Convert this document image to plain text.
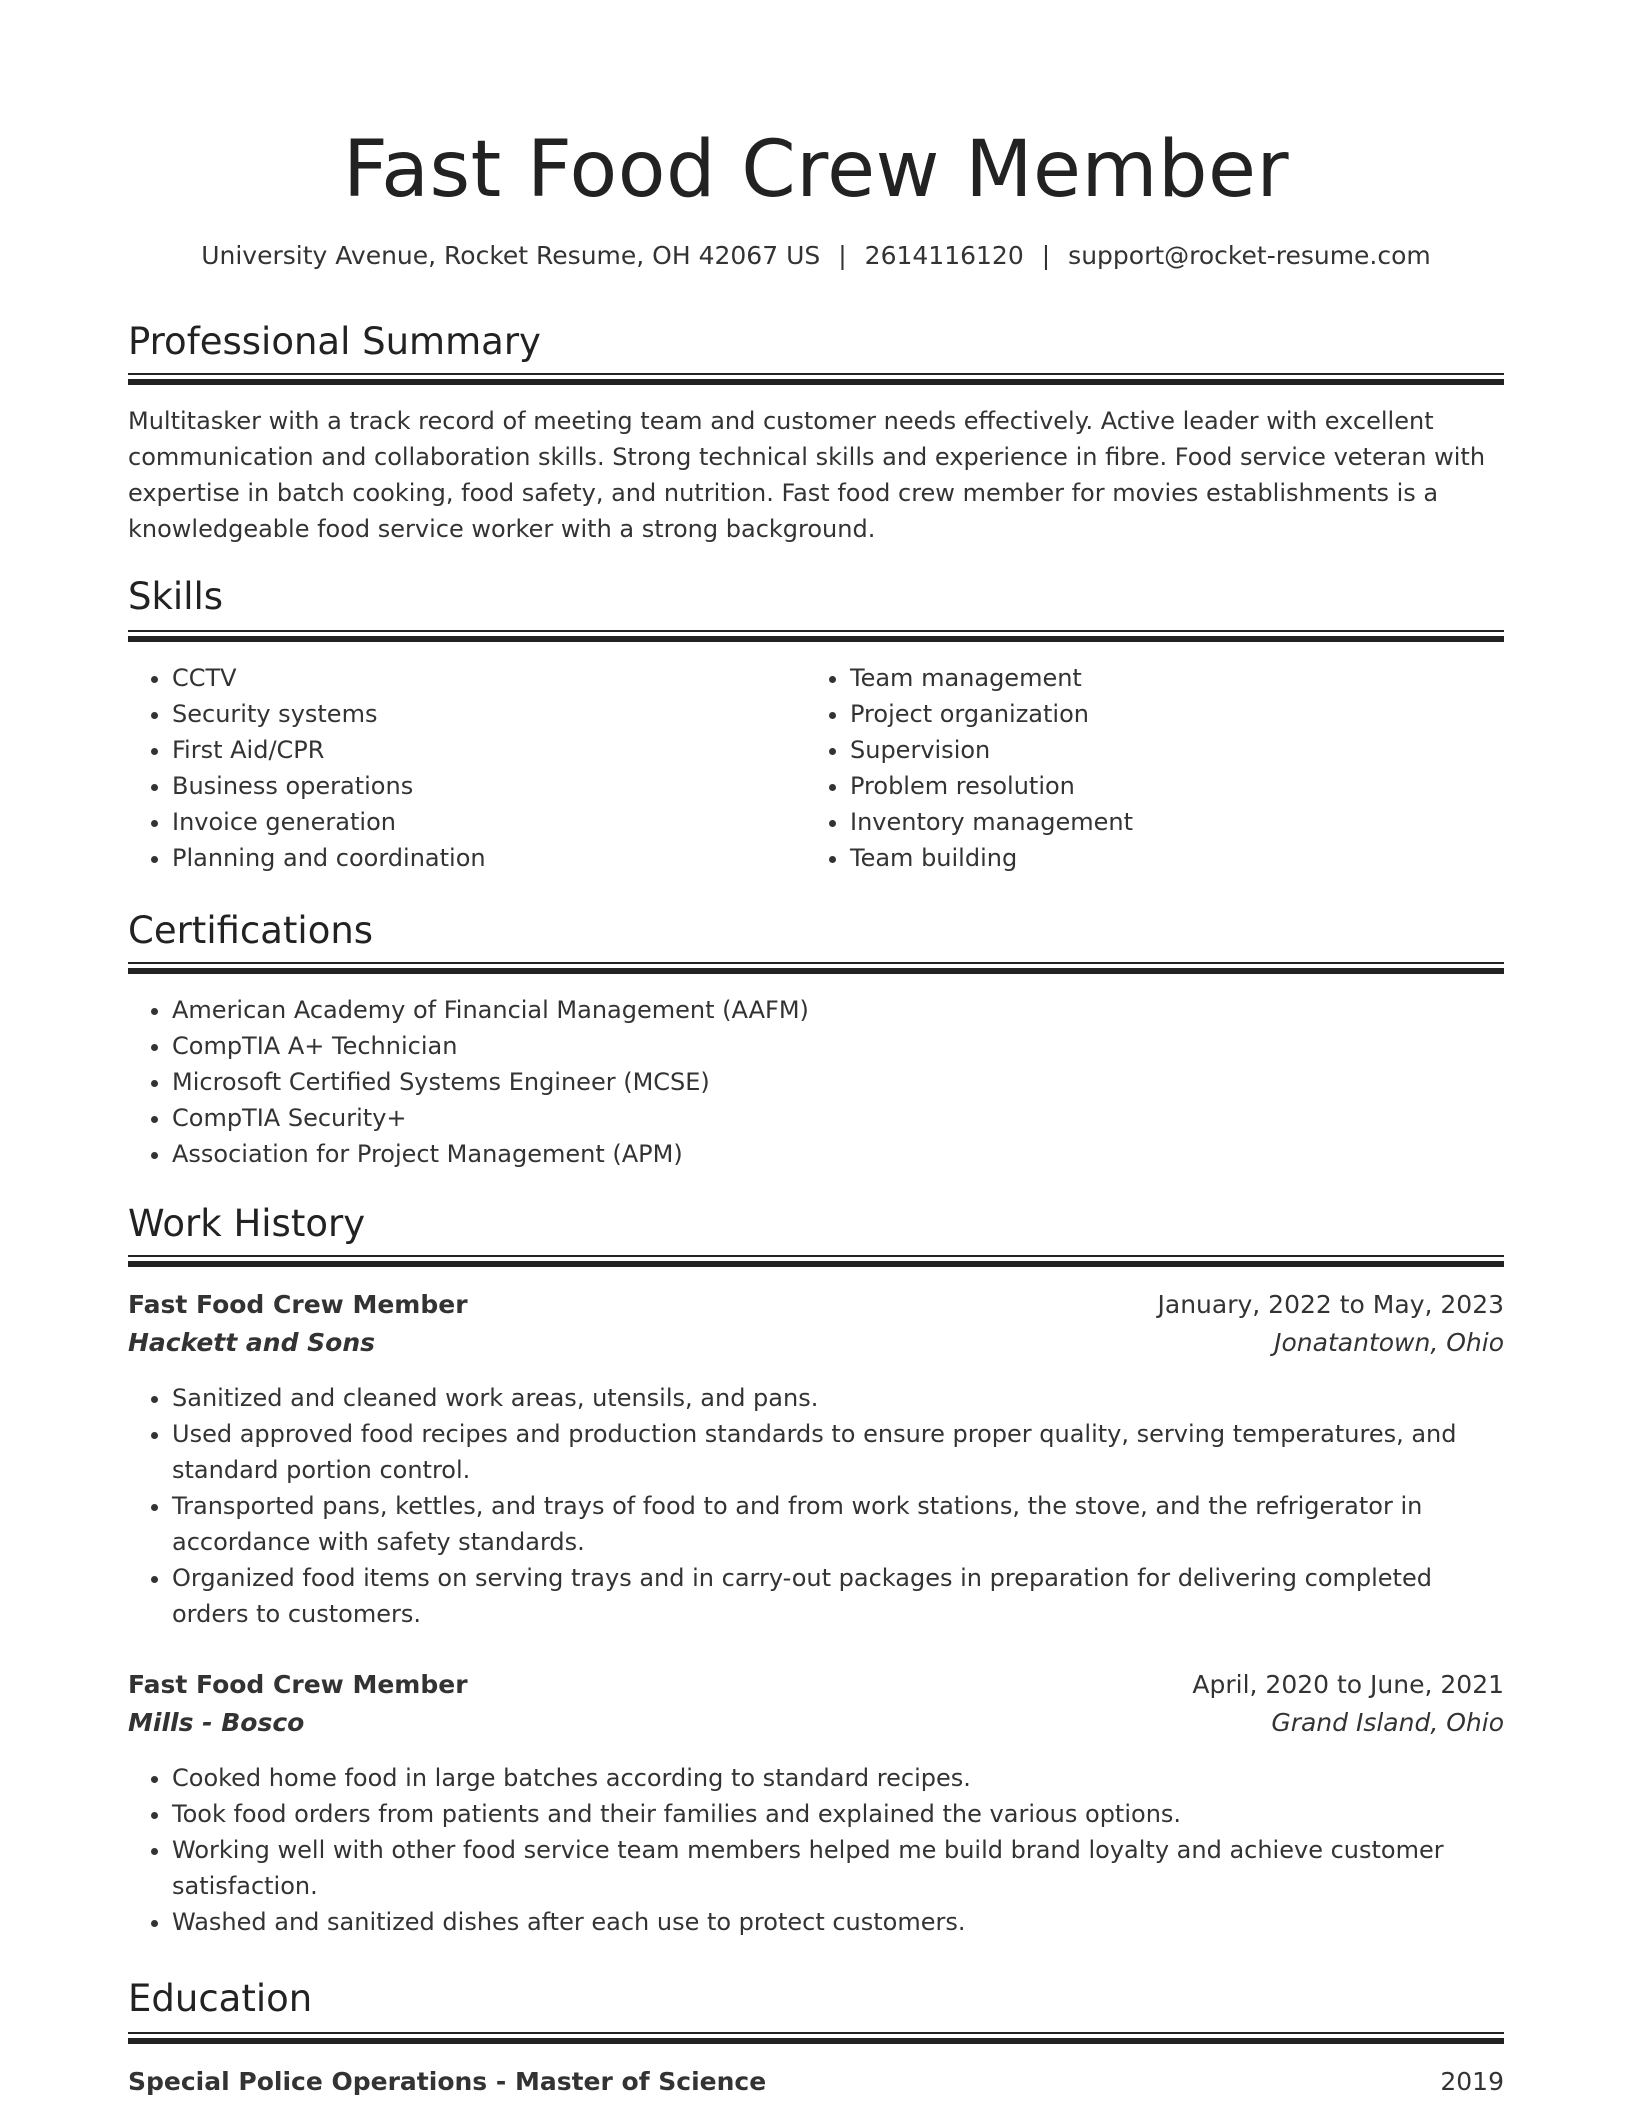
Fast Food Crew Member
University Avenue, Rocket Resume, OH 42067 US | 2614116120 | support@rocket-resume.com
Professional Summary

Multitasker with a track record of meeting team and customer needs effectively. Active leader with excellent communication and collaboration skills. Strong technical skills and experience in fibre. Food service veteran with expertise in batch cooking, food safety, and nutrition. Fast food crew member for movies establishments is a knowledgeable food service worker with a strong background.

Skills
• CCTV
• Security systems
• First Aid/CPR
• Business operations
• Invoice generation
• Planning and coordination
• Team management
• Project organization
• Supervision
• Problem resolution
• Inventory management
• Team building
Certifications
• American Academy of Financial Management (AAFM)
• CompTIA A+ Technician
• Microsoft Certified Systems Engineer (MCSE)
• CompTIA Security+
• Association for Project Management (APM)
Work History
Fast Food Crew Member	January, 2022 to May, 2023
Hackett and Sons	Jonatantown, Ohio
• Sanitized and cleaned work areas, utensils, and pans.
• Used approved food recipes and production standards to ensure proper quality, serving temperatures, and standard portion control.
• Transported pans, kettles, and trays of food to and from work stations, the stove, and the refrigerator in accordance with safety standards.
• Organized food items on serving trays and in carry-out packages in preparation for delivering completed orders to customers.
Fast Food Crew Member	April, 2020 to June, 2021
Mills - Bosco	Grand Island, Ohio
• Cooked home food in large batches according to standard recipes.
• Took food orders from patients and their families and explained the various options.
• Working well with other food service team members helped me build brand loyalty and achieve customer satisfaction.
• Washed and sanitized dishes after each use to protect customers.
Education
Special Police Operations - Master of Science	2019
